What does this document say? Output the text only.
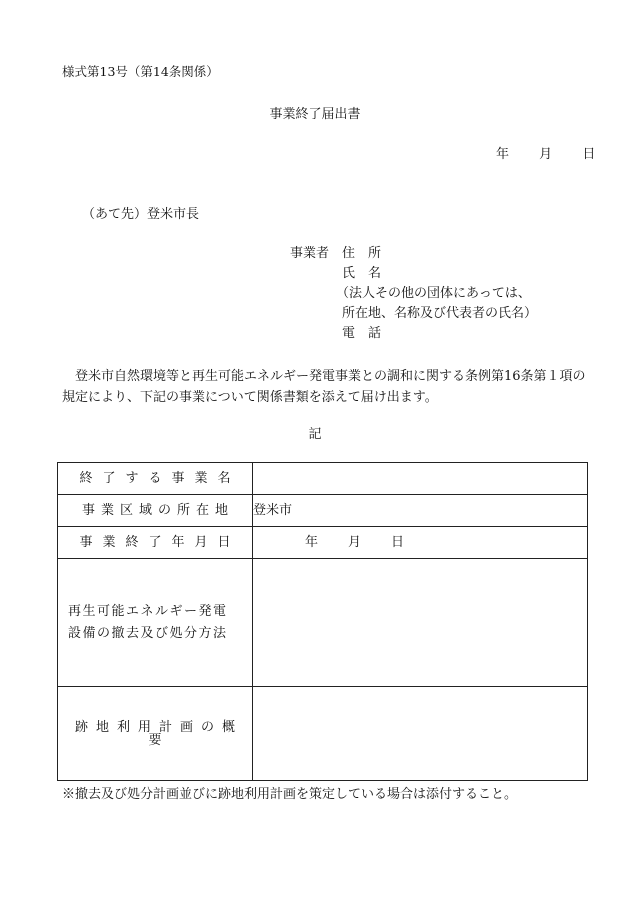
様式第13号（第14条関係）
事業終了届出書
年 月 日
（あて先）登米市長
事業者 住　所
氏　名
（法人その他の団体にあっては、
所在地、名称及び代表者の氏名）
電　話
登米市自然環境等と再生可能エネルギー発電事業との調和に関する条例第16条第１項の規定により、下記の事業について関係書類を添えて届け出ます。
記
終了する事業名	

事業区域の所在地	登米市

事業終了年月日	年 月 日

再生可能エネルギー発電
設備の撤去及び処分方法	

跡地利用計画の概要	

※撤去及び処分計画並びに跡地利用計画を策定している場合は添付すること。
